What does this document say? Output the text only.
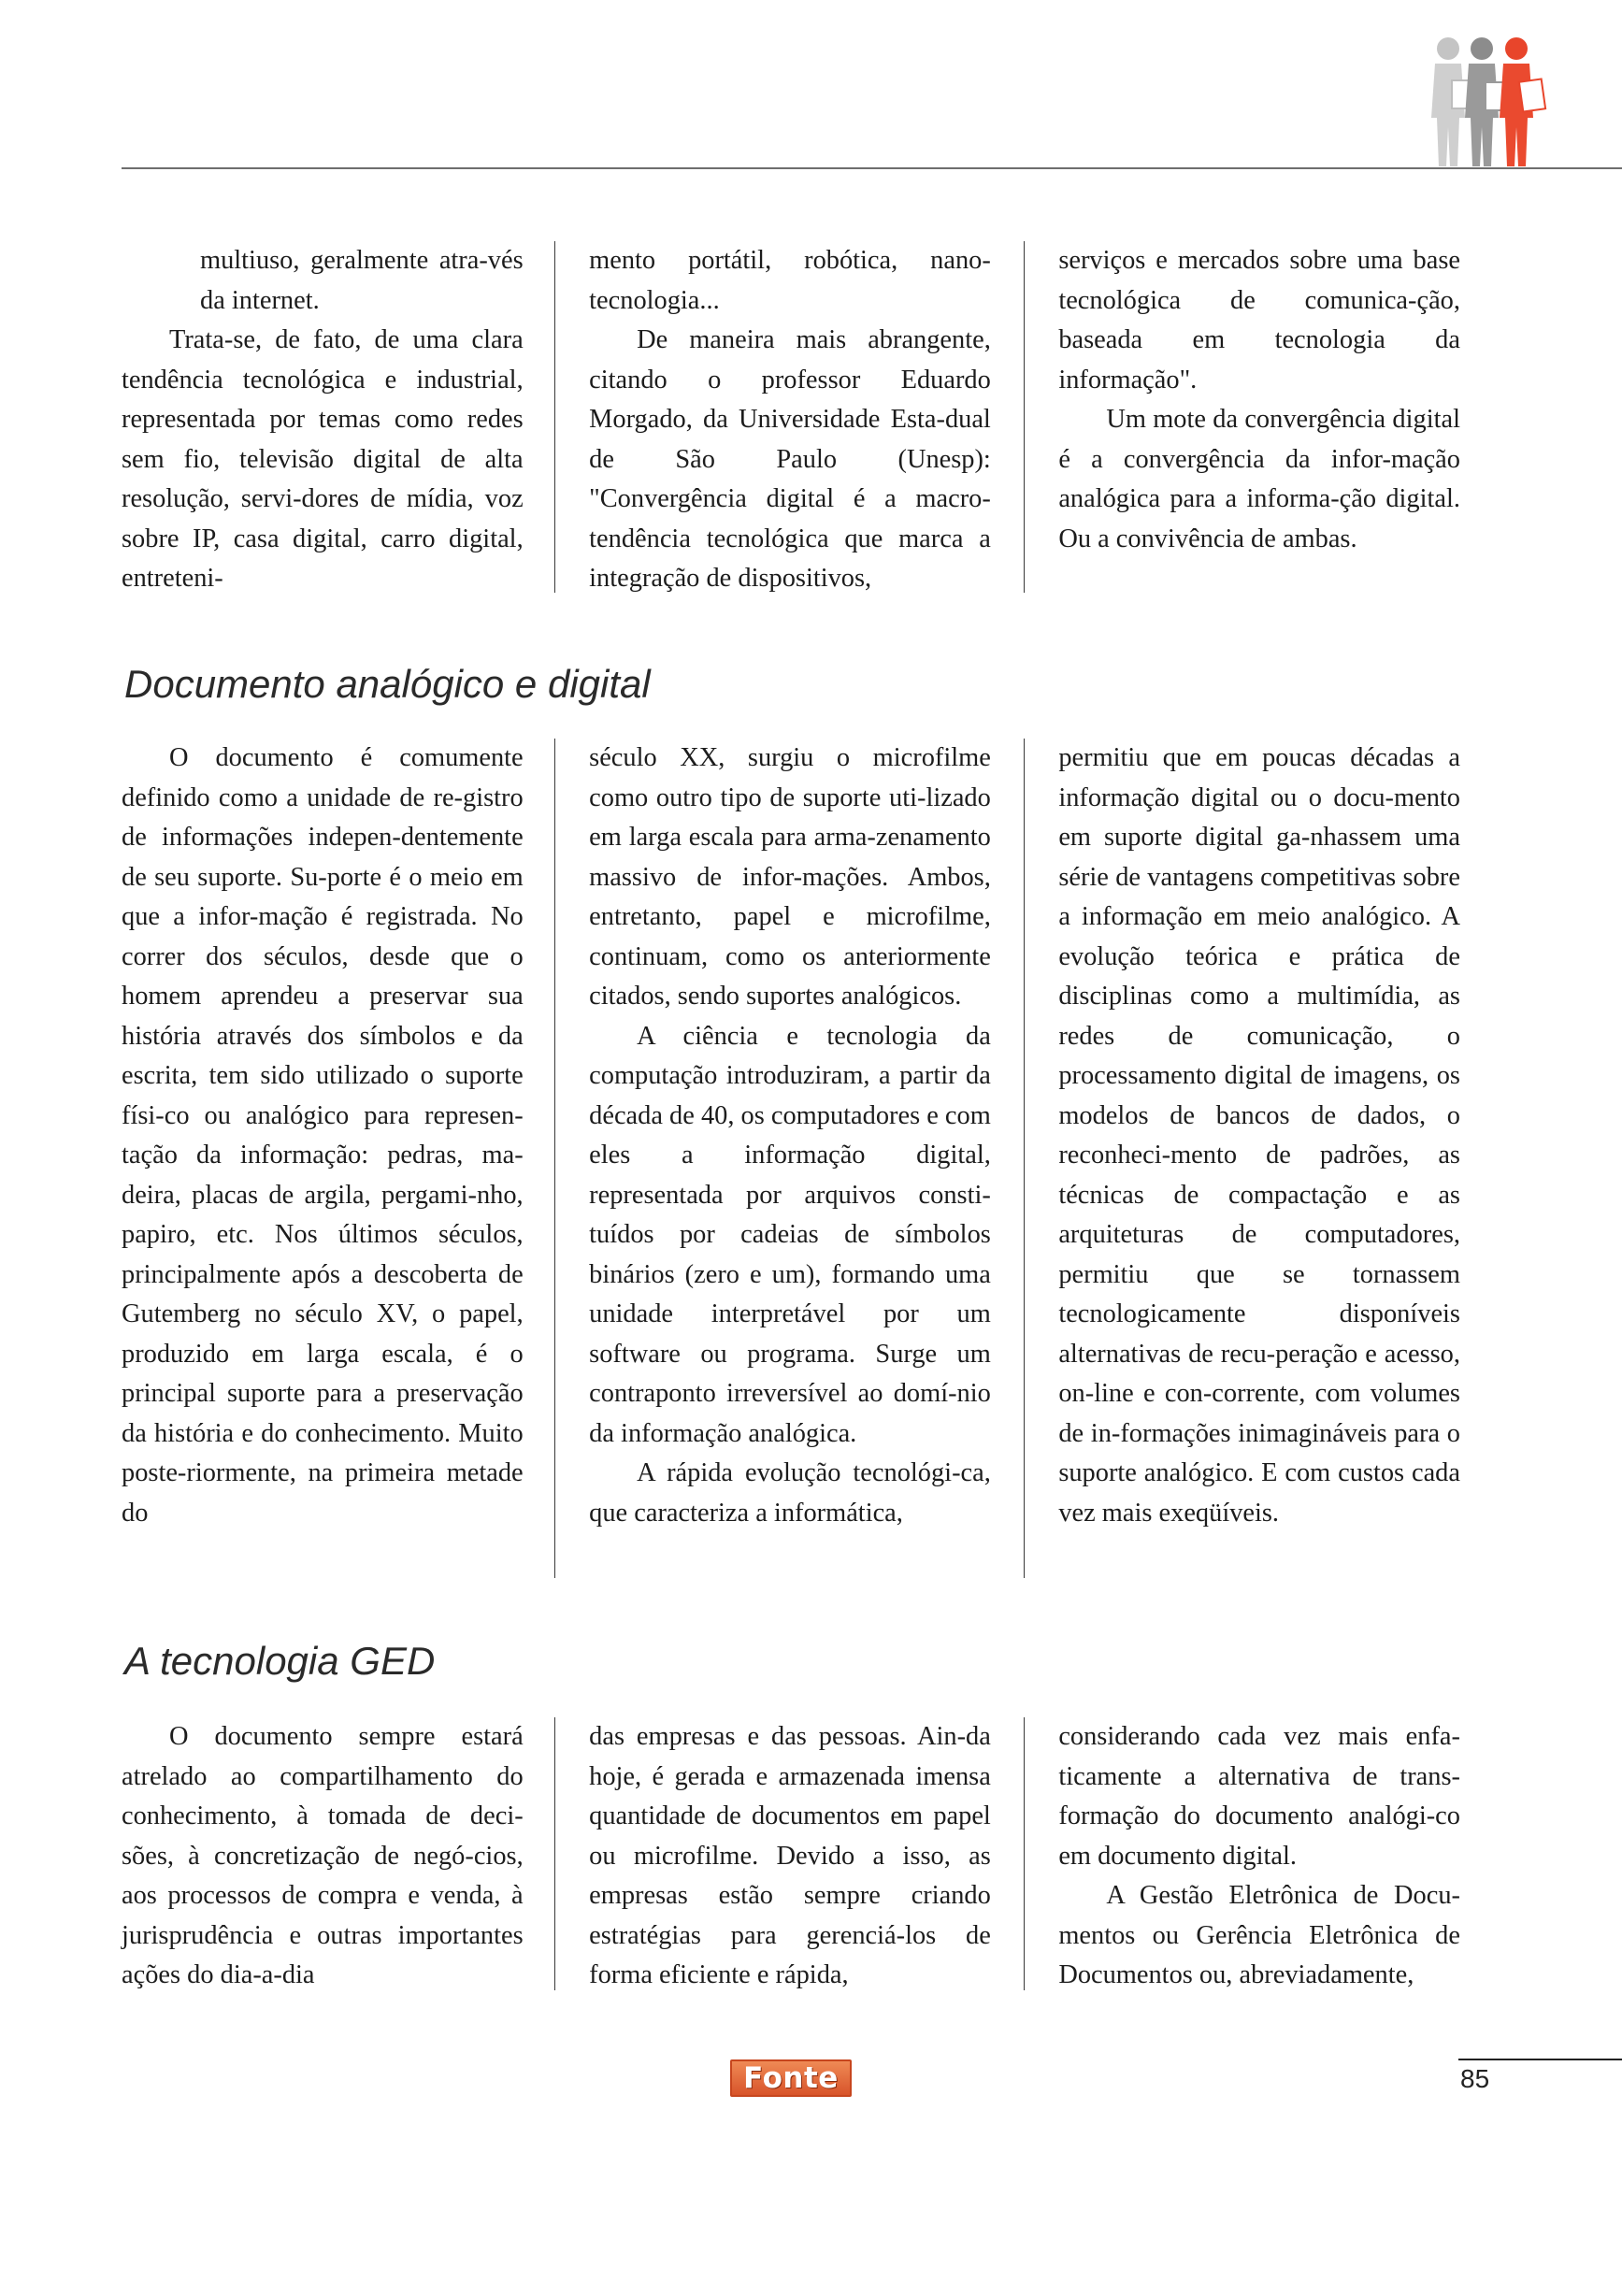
multiuso, geralmente atra-vés da internet.

Trata-se, de fato, de uma clara tendência tecnológica e industrial, representada por temas como redes sem fio, televisão digital de alta resolução, servi-dores de mídia, voz sobre IP, casa digital, carro digital, entreteni-

mento portátil, robótica, nano-tecnologia...

De maneira mais abrangente, citando o professor Eduardo Morgado, da Universidade Esta-dual de São Paulo (Unesp): "Convergência digital é a macro-tendência tecnológica que marca a integração de dispositivos,

serviços e mercados sobre uma base tecnológica de comunica-ção, baseada em tecnologia da informação".

Um mote da convergência digital é a convergência da infor-mação analógica para a informa-ção digital. Ou a convivência de ambas.

Documento analógico e digital

O documento é comumente definido como a unidade de re-gistro de informações indepen-dentemente de seu suporte. Su-porte é o meio em que a infor-mação é registrada. No correr dos séculos, desde que o homem aprendeu a preservar sua história através dos símbolos e da escrita, tem sido utilizado o suporte físi-co ou analógico para represen-tação da informação: pedras, ma-deira, placas de argila, pergami-nho, papiro, etc. Nos últimos séculos, principalmente após a descoberta de Gutemberg no século XV, o papel, produzido em larga escala, é o principal suporte para a preservação da história e do conhecimento. Muito poste-riormente, na primeira metade do

século XX, surgiu o microfilme como outro tipo de suporte uti-lizado em larga escala para arma-zenamento massivo de infor-mações. Ambos, entretanto, papel e microfilme, continuam, como os anteriormente citados, sendo suportes analógicos.

A ciência e tecnologia da computação introduziram, a partir da década de 40, os computadores e com eles a informação digital, representada por arquivos consti-tuídos por cadeias de símbolos binários (zero e um), formando uma unidade interpretável por um software ou programa. Surge um contraponto irreversível ao domí-nio da informação analógica.

A rápida evolução tecnológi-ca, que caracteriza a informática,

permitiu que em poucas décadas a informação digital ou o docu-mento em suporte digital ga-nhassem uma série de vantagens competitivas sobre a informação em meio analógico. A evolução teórica e prática de disciplinas como a multimídia, as redes de comunicação, o processamento digital de imagens, os modelos de bancos de dados, o reconheci-mento de padrões, as técnicas de compactação e as arquiteturas de computadores, permitiu que se tornassem tecnologicamente disponíveis alternativas de recu-peração e acesso, on-line e con-corrente, com volumes de in-formações inimagináveis para o suporte analógico. E com custos cada vez mais exeqüíveis.

A tecnologia GED

O documento sempre estará atrelado ao compartilhamento do conhecimento, à tomada de deci-sões, à concretização de negó-cios, aos processos de compra e venda, à jurisprudência e outras importantes ações do dia-a-dia

das empresas e das pessoas. Ain-da hoje, é gerada e armazenada imensa quantidade de documentos em papel ou microfilme. Devido a isso, as empresas estão sempre criando estratégias para gerenciá-los de forma eficiente e rápida,

considerando cada vez mais enfa-ticamente a alternativa de trans-formação do documento analógi-co em documento digital.

A Gestão Eletrônica de Docu-mentos ou Gerência Eletrônica de Documentos ou, abreviadamente,

Fonte	85
